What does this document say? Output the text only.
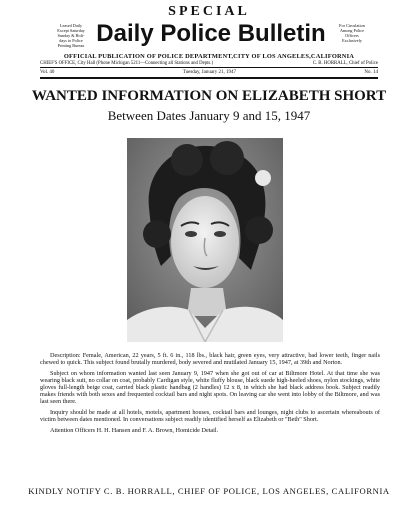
SPECIAL
Leased Daily
Except Saturday
Sunday & Holi-
days to Police
Printing Bureau Daily Police Bulletin	For Circulation
Among Police
Officers
Exclusively
OFFICIAL PUBLICATION OF POLICE DEPARTMENT,CITY OF LOS ANGELES,CALIFORNIA
CHIEF'S OFFICE, City Hall (Phone Michigan 5211—Connecting all Stations and Depts.)	C. B. HORRALL, Chief of Police
Vol. 40	Tuesday, January 21, 1947	No. 14
WANTED INFORMATION ON ELIZABETH SHORT
Between Dates January 9 and 15, 1947

Description: Female, American, 22 years, 5 ft. 6 in., 118 lbs., black hair, green eyes, very attractive, bad lower teeth, finger nails chewed to quick. This subject found brutally murdered, body severed and mutilated January 15, 1947, at 39th and Norton.

Subject on whom information wanted last seen January 9, 1947 when she got out of car at Biltmore Hotel. At that time she was wearing black suit, no collar on coat, probably Cardigan style, white fluffy blouse, black suede high-heeled shoes, nylon stockings, white gloves full-length beige coat, carried black plastic handbag (2 handles) 12 x 8, in which she had black address book. Subject readily makes friends with both sexes and frequented cocktail bars and night spots. On leaving car she went into lobby of the Biltmore, and was last seen there.

Inquiry should be made at all hotels, motels, apartment houses, cocktail bars and lounges, night clubs to ascertain whereabouts of victim between dates mentioned. In conversations subject readily identified herself as Elizabeth or "Beth" Short.

Attention Officers H. H. Hansen and F. A. Brown, Homicide Detail.

KINDLY NOTIFY C. B. HORRALL, CHIEF OF POLICE, LOS ANGELES, CALIFORNIA
